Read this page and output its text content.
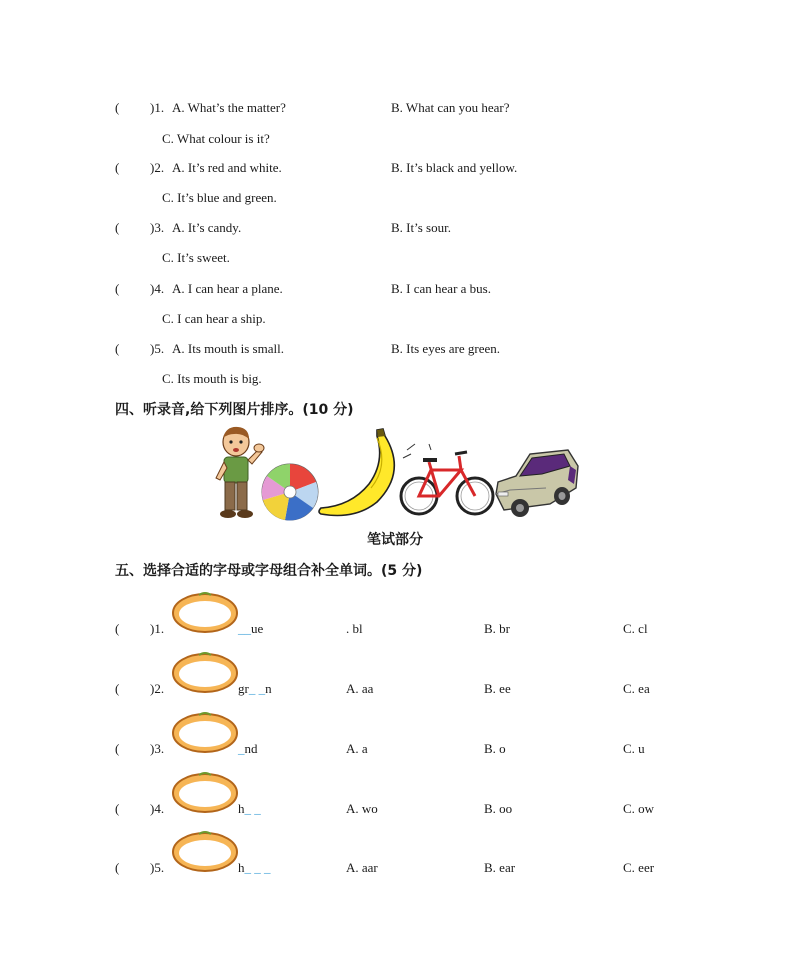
( )1. A. What’s the matter?	B. What can you hear?
C. What colour is it?
( )2. A. It’s red and white.	B. It’s black and yellow.
C. It’s blue and green.
( )3. A. It’s candy.	B. It’s sour.
C. It’s sweet.
( )4. A. I can hear a plane.	B. I can hear a bus.
C. I can hear a ship.
( )5. A. Its mouth is small.	B. Its eyes are green.
C. Its mouth is big.
四、听录音,给下列图片排序。(10 分)
笔试部分
五、选择合适的字母或字母组合补全单词。(5 分)
( )1.	__ue	. bl	B. br	C. cl
( )2.	gr_ _n	A. aa	B. ee	C. ea
( )3.	_nd	A. a	B. o	C. u
( )4.	h_ _	A. wo	B. oo	C. ow
( )5.	h_ _ _	A. aar	B. ear	C. eer
